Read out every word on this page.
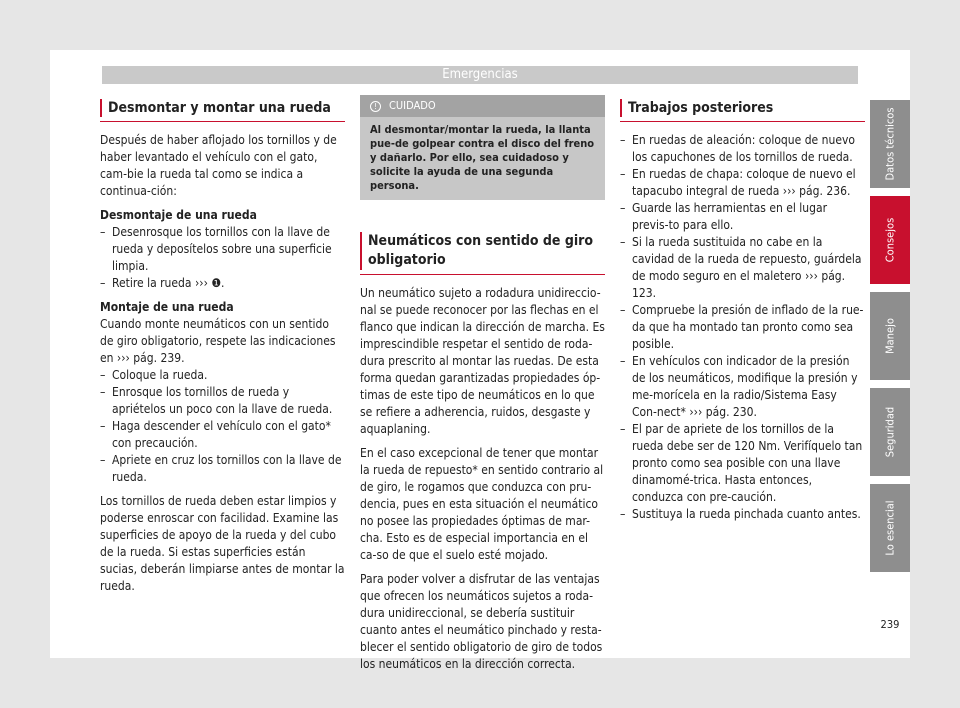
Emergencias
Desmontar y montar una rueda

Después de haber aflojado los tornillos y de haber levantado el vehículo con el gato, cam-bie la rueda tal como se indica a continua-ción:

Desmontaje de una rueda

– Desenrosque los tornillos con la llave de rueda y deposítelos sobre una superficie limpia.
– Retire la rueda ››› ❶.

Montaje de una rueda

Cuando monte neumáticos con un sentido de giro obligatorio, respete las indicaciones en ››› pág. 239.

– Coloque la rueda.
– Enrosque los tornillos de rueda y apriételos un poco con la llave de rueda.
– Haga descender el vehículo con el gato* con precaución.
– Apriete en cruz los tornillos con la llave de rueda.

Los tornillos de rueda deben estar limpios y poderse enroscar con facilidad. Examine las superficies de apoyo de la rueda y del cubo de la rueda. Si estas superficies están sucias, deberán limpiarse antes de montar la rueda.

! CUIDADO
Al desmontar/montar la rueda, la llanta pue-de golpear contra el disco del freno y dañarlo. Por ello, sea cuidadoso y solicite la ayuda de una segunda persona.
Neumáticos con sentido de giro obligatorio

Un neumático sujeto a rodadura unidireccio-nal se puede reconocer por las flechas en el flanco que indican la dirección de marcha. Es imprescindible respetar el sentido de roda-dura prescrito al montar las ruedas. De esta forma quedan garantizadas propiedades óp-timas de este tipo de neumáticos en lo que se refiere a adherencia, ruidos, desgaste y aquaplaning.

En el caso excepcional de tener que montar la rueda de repuesto* en sentido contrario al de giro, le rogamos que conduzca con pru-dencia, pues en esta situación el neumático no posee las propiedades óptimas de mar-cha. Esto es de especial importancia en el ca-so de que el suelo esté mojado.

Para poder volver a disfrutar de las ventajas que ofrecen los neumáticos sujetos a roda-dura unidireccional, se debería sustituir cuanto antes el neumático pinchado y resta-blecer el sentido obligatorio de giro de todos los neumáticos en la dirección correcta.

Trabajos posteriores
– En ruedas de aleación: coloque de nuevo los capuchones de los tornillos de rueda.
– En ruedas de chapa: coloque de nuevo el tapacubo integral de rueda ››› pág. 236.
– Guarde las herramientas en el lugar previs-to para ello.
– Si la rueda sustituida no cabe en la cavidad de la rueda de repuesto, guárdela de modo seguro en el maletero ››› pág. 123.
– Compruebe la presión de inflado de la rue-da que ha montado tan pronto como sea posible.
– En vehículos con indicador de la presión de los neumáticos, modifique la presión y me-morícela en la radio/Sistema Easy Con-nect* ››› pág. 230.
– El par de apriete de los tornillos de la rueda debe ser de 120 Nm. Verifíquelo tan pronto como sea posible con una llave dinamomé-trica. Hasta entonces, conduzca con pre-caución.
– Sustituya la rueda pinchada cuanto antes.
Datos técnicos
Consejos
Manejo
Seguridad
Lo esencial
239
